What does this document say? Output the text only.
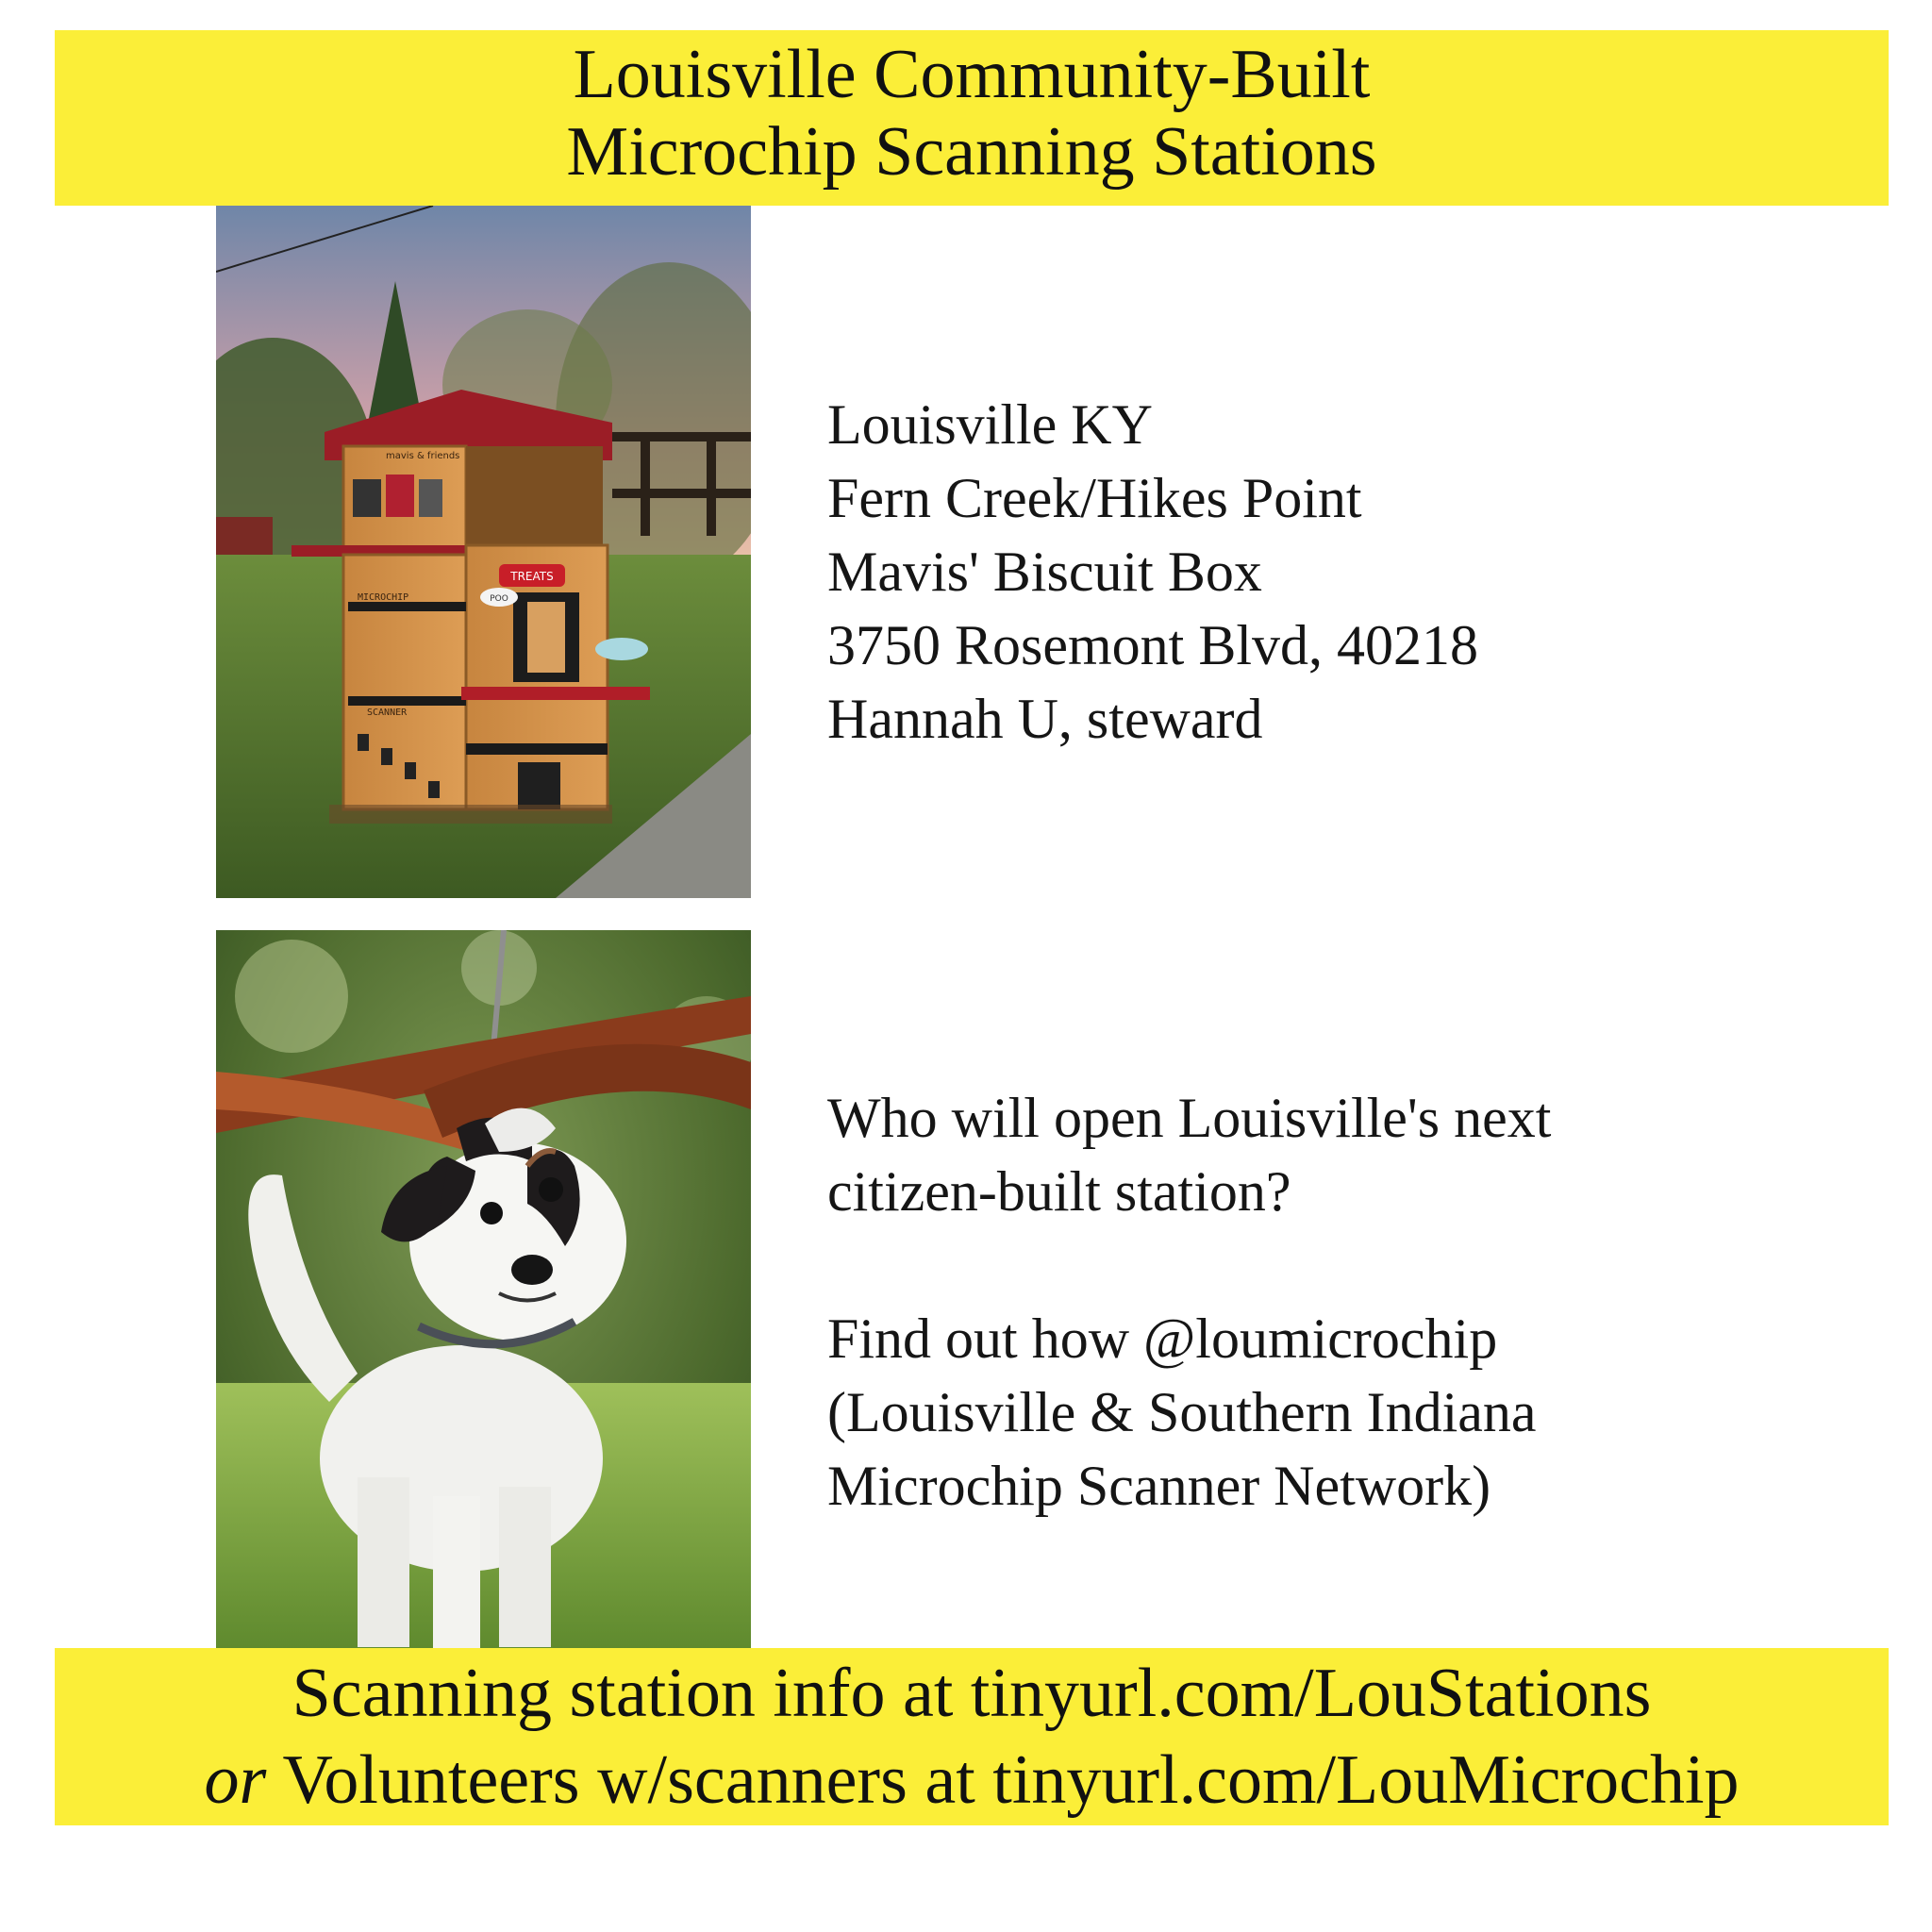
Louisville Community-Built
Microchip Scanning Stations
TREATS
POO
mavis & friends
MICROCHIP
SCANNER
Louisville KY
Fern Creek/Hikes Point
Mavis' Biscuit Box
3750 Rosemont Blvd, 40218
Hannah U, steward
Who will open Louisville's next
citizen-built station?
Find out how @loumicrochip
(Louisville & Southern Indiana
Microchip Scanner Network)
Scanning station info at tinyurl.com/LouStations
or Volunteers w/scanners at tinyurl.com/LouMicrochip
